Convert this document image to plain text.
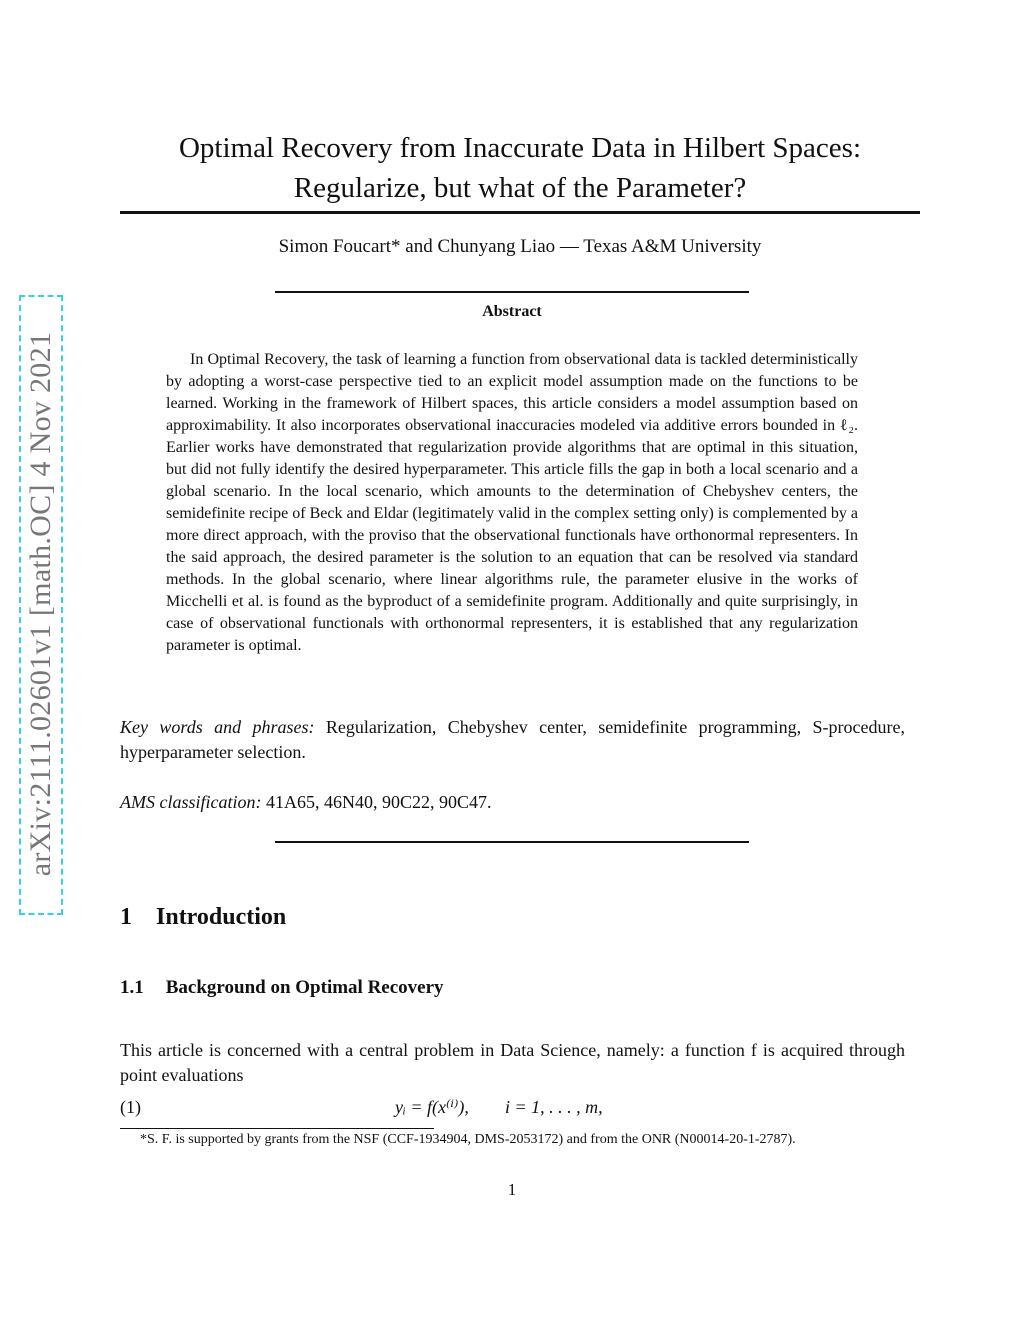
arXiv:2111.02601v1 [math.OC] 4 Nov 2021
Optimal Recovery from Inaccurate Data in Hilbert Spaces:
Regularize, but what of the Parameter?
Simon Foucart* and Chunyang Liao — Texas A&M University
Abstract
In Optimal Recovery, the task of learning a function from observational data is tackled deterministically by adopting a worst-case perspective tied to an explicit model assumption made on the functions to be learned. Working in the framework of Hilbert spaces, this article considers a model assumption based on approximability. It also incorporates observational inaccuracies modeled via additive errors bounded in ℓ₂. Earlier works have demonstrated that regularization provide algorithms that are optimal in this situation, but did not fully identify the desired hyperparameter. This article fills the gap in both a local scenario and a global scenario. In the local scenario, which amounts to the determination of Chebyshev centers, the semidefinite recipe of Beck and Eldar (legitimately valid in the complex setting only) is complemented by a more direct approach, with the proviso that the observational functionals have orthonormal representers. In the said approach, the desired parameter is the solution to an equation that can be resolved via standard methods. In the global scenario, where linear algorithms rule, the parameter elusive in the works of Micchelli et al. is found as the byproduct of a semidefinite program. Additionally and quite surprisingly, in case of observational functionals with orthonormal representers, it is established that any regularization parameter is optimal.
Key words and phrases: Regularization, Chebyshev center, semidefinite programming, S-procedure, hyperparameter selection.
AMS classification: 41A65, 46N40, 90C22, 90C47.
1 Introduction
1.1 Background on Optimal Recovery
This article is concerned with a central problem in Data Science, namely: a function f is acquired through point evaluations
(1)	yᵢ = f(x⁽ⁱ⁾), i = 1, . . . , m,
*S. F. is supported by grants from the NSF (CCF-1934904, DMS-2053172) and from the ONR (N00014-20-1-2787).
1
